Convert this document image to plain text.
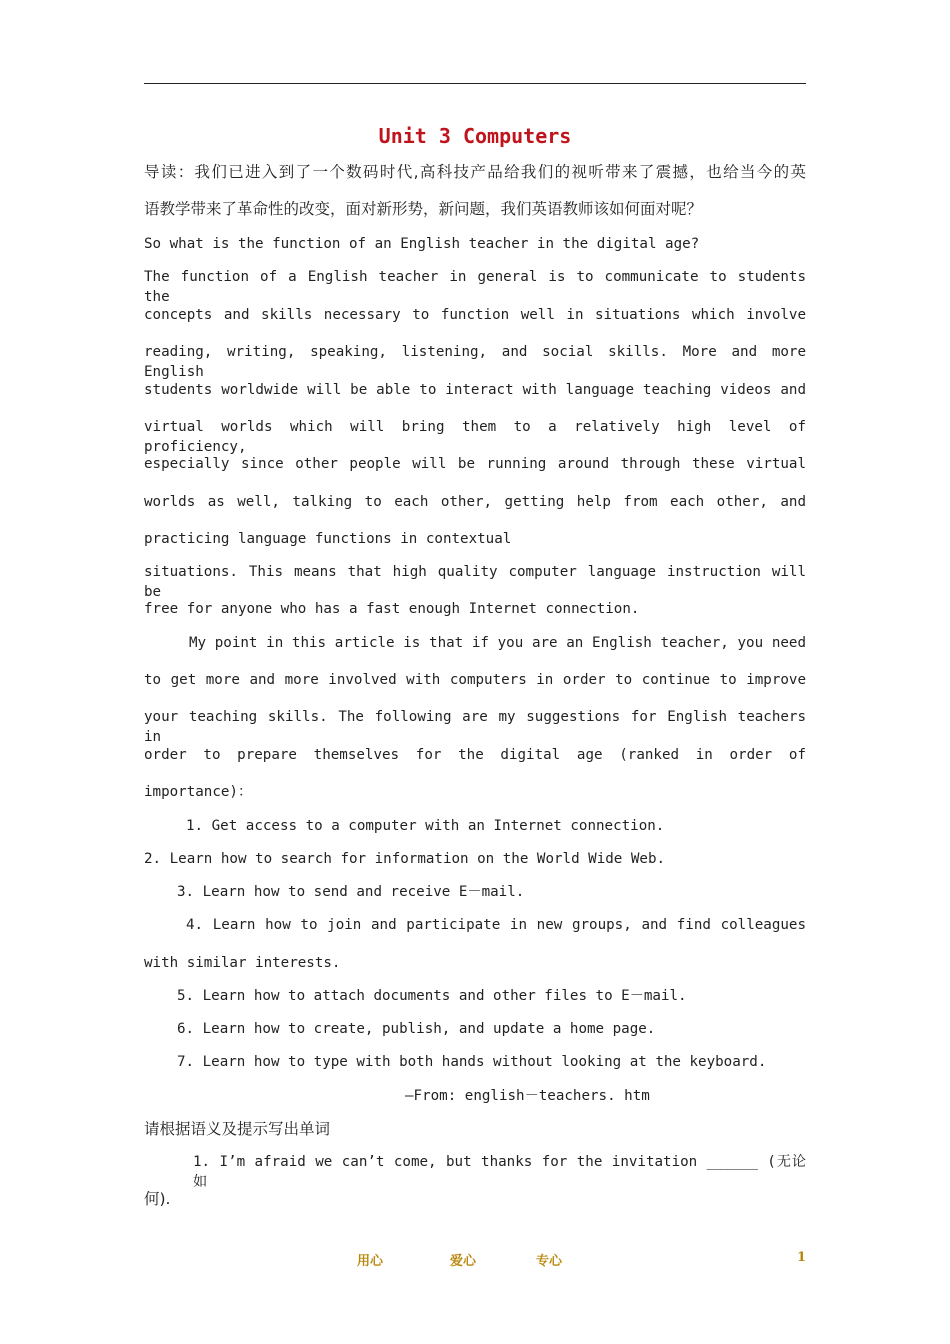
Unit 3 Computers
导读：我们已进入到了一个数码时代,高科技产品给我们的视听带来了震撼，也给当今的英
语教学带来了革命性的改变，面对新形势，新问题，我们英语教师该如何面对呢？
So what is the function of an English teacher in the digital age?
The function of a English teacher in general is to communicate to students the
concepts and skills necessary to function well in situations which involve
reading, writing, speaking, listening, and social skills. More and more English
students worldwide will be able to interact with language teaching videos and
virtual worlds which will bring them to a relatively high level of proficiency,
especially since other people will be running around through these virtual
worlds as well, talking to each other, getting help from each other, and
practicing language functions in contextual
situations. This means that high quality computer language instruction will be
free for anyone who has a fast enough Internet connection.
My point in this article is that if you are an English teacher, you need
to get more and more involved with computers in order to continue to improve
your teaching skills. The following are my suggestions for English teachers in
order to prepare themselves for the digital age (ranked in order of
importance)：
1. Get access to a computer with an Internet connection.
2. Learn how to search for information on the World Wide Web.
3. Learn how to send and receive E－mail.
4. Learn how to join and participate in new groups, and find colleagues
with similar interests.
5. Learn how to attach documents and other files to E－mail.
6. Learn how to create, publish, and update a home page.
7. Learn how to type with both hands without looking at the keyboard.
—From: english－teachers. htm
请根据语义及提示写出单词
1. I’m afraid we can’t come, but thanks for the invitation ______ (无论如
何).
用心	爱心	专心	1
